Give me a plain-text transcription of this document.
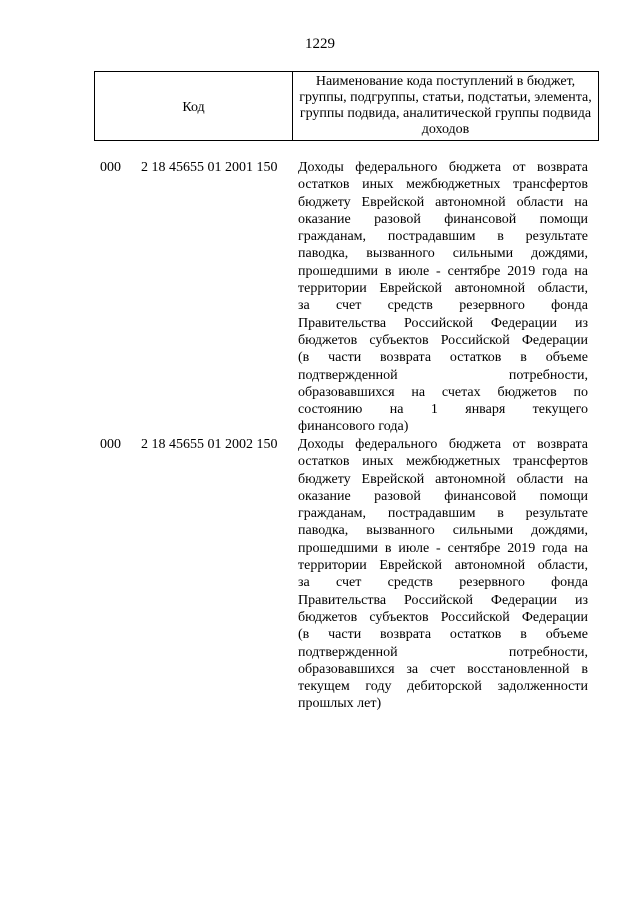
1229
Код
Наименование кода поступлений в бюджет, группы, подгруппы, статьи, подстатьи, элемента, группы подвида, аналитической группы подвида доходов
000 2 18 45655 01 2001 150 Доходы федерального бюджета от возврата
остатков иных межбюджетных трансфертов
бюджету Еврейской автономной области на
оказание разовой финансовой помощи
гражданам, пострадавшим в результате
паводка, вызванного сильными дождями,
прошедшими в июле - сентябре 2019 года на
территории Еврейской автономной области,
за счет средств резервного фонда
Правительства Российской Федерации из
бюджетов субъектов Российской Федерации
(в части возврата остатков в объеме
подтвержденной потребности,
образовавшихся на счетах бюджетов по
состоянию на 1 января текущего
финансового года)
000 2 18 45655 01 2002 150 Доходы федерального бюджета от возврата
остатков иных межбюджетных трансфертов
бюджету Еврейской автономной области на
оказание разовой финансовой помощи
гражданам, пострадавшим в результате
паводка, вызванного сильными дождями,
прошедшими в июле - сентябре 2019 года на
территории Еврейской автономной области,
за счет средств резервного фонда
Правительства Российской Федерации из
бюджетов субъектов Российской Федерации
(в части возврата остатков в объеме
подтвержденной потребности,
образовавшихся за счет восстановленной в
текущем году дебиторской задолженности
прошлых лет)
